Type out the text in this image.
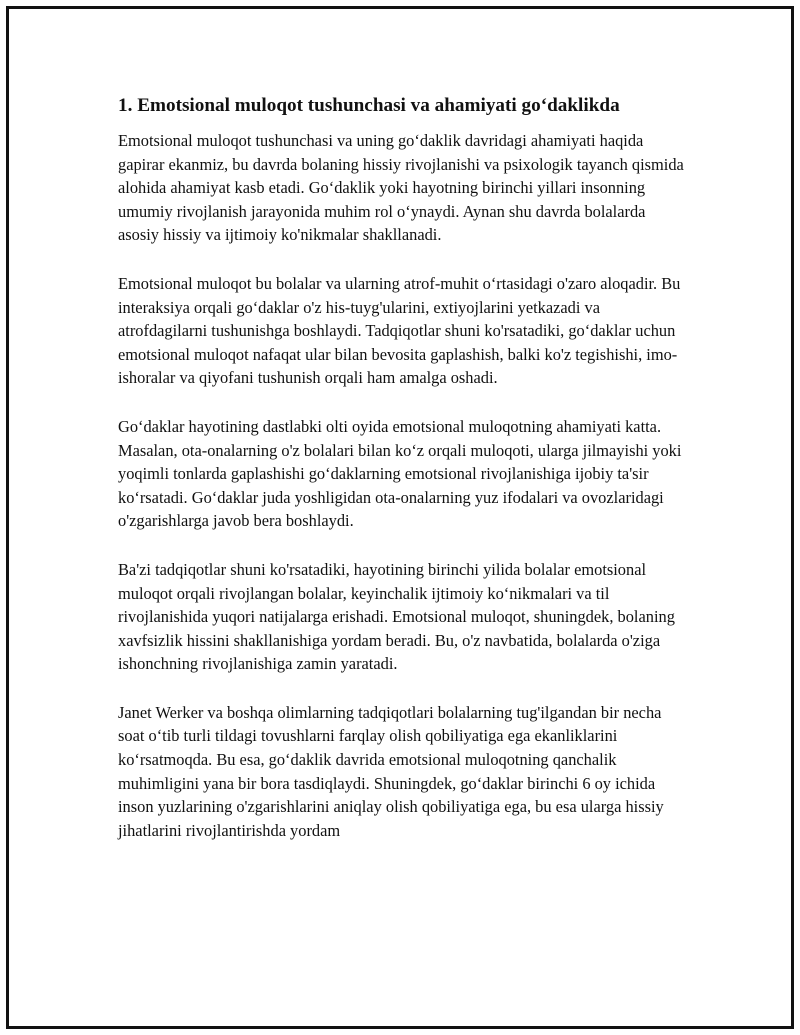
1. Emotsional muloqot tushunchasi va ahamiyati go‘daklikda

Emotsional muloqot tushunchasi va uning go‘daklik davridagi ahamiyati haqida gapirar ekanmiz, bu davrda bolaning hissiy rivojlanishi va psixologik tayanch qismida alohida ahamiyat kasb etadi. Go‘daklik yoki hayotning birinchi yillari insonning umumiy rivojlanish jarayonida muhim rol o‘ynaydi. Aynan shu davrda bolalarda asosiy hissiy va ijtimoiy ko'nikmalar shakllanadi.

Emotsional muloqot bu bolalar va ularning atrof-muhit o‘rtasidagi o'zaro aloqadir. Bu interaksiya orqali go‘daklar o'z his-tuyg'ularini, extiyojlarini yetkazadi va atrofdagilarni tushunishga boshlaydi. Tadqiqotlar shuni ko'rsatadiki, go‘daklar uchun emotsional muloqot nafaqat ular bilan bevosita gaplashish, balki ko'z tegishishi, imo-ishoralar va qiyofani tushunish orqali ham amalga oshadi.

Go‘daklar hayotining dastlabki olti oyida emotsional muloqotning ahamiyati katta. Masalan, ota-onalarning o'z bolalari bilan ko‘z orqali muloqoti, ularga jilmayishi yoki yoqimli tonlarda gaplashishi go‘daklarning emotsional rivojlanishiga ijobiy ta'sir ko‘rsatadi. Go‘daklar juda yoshligidan ota-onalarning yuz ifodalari va ovozlaridagi o'zgarishlarga javob bera boshlaydi.

Ba'zi tadqiqotlar shuni ko'rsatadiki, hayotining birinchi yilida bolalar emotsional muloqot orqali rivojlangan bolalar, keyinchalik ijtimoiy ko‘nikmalari va til rivojlanishida yuqori natijalarga erishadi. Emotsional muloqot, shuningdek, bolaning xavfsizlik hissini shakllanishiga yordam beradi. Bu, o'z navbatida, bolalarda o'ziga ishonchning rivojlanishiga zamin yaratadi.

Janet Werker va boshqa olimlarning tadqiqotlari bolalarning tug'ilgandan bir necha soat o‘tib turli tildagi tovushlarni farqlay olish qobiliyatiga ega ekanliklarini ko‘rsatmoqda. Bu esa, go‘daklik davrida emotsional muloqotning qanchalik muhimligini yana bir bora tasdiqlaydi. Shuningdek, go‘daklar birinchi 6 oy ichida inson yuzlarining o'zgarishlarini aniqlay olish qobiliyatiga ega, bu esa ularga hissiy jihatlarini rivojlantirishda yordam
